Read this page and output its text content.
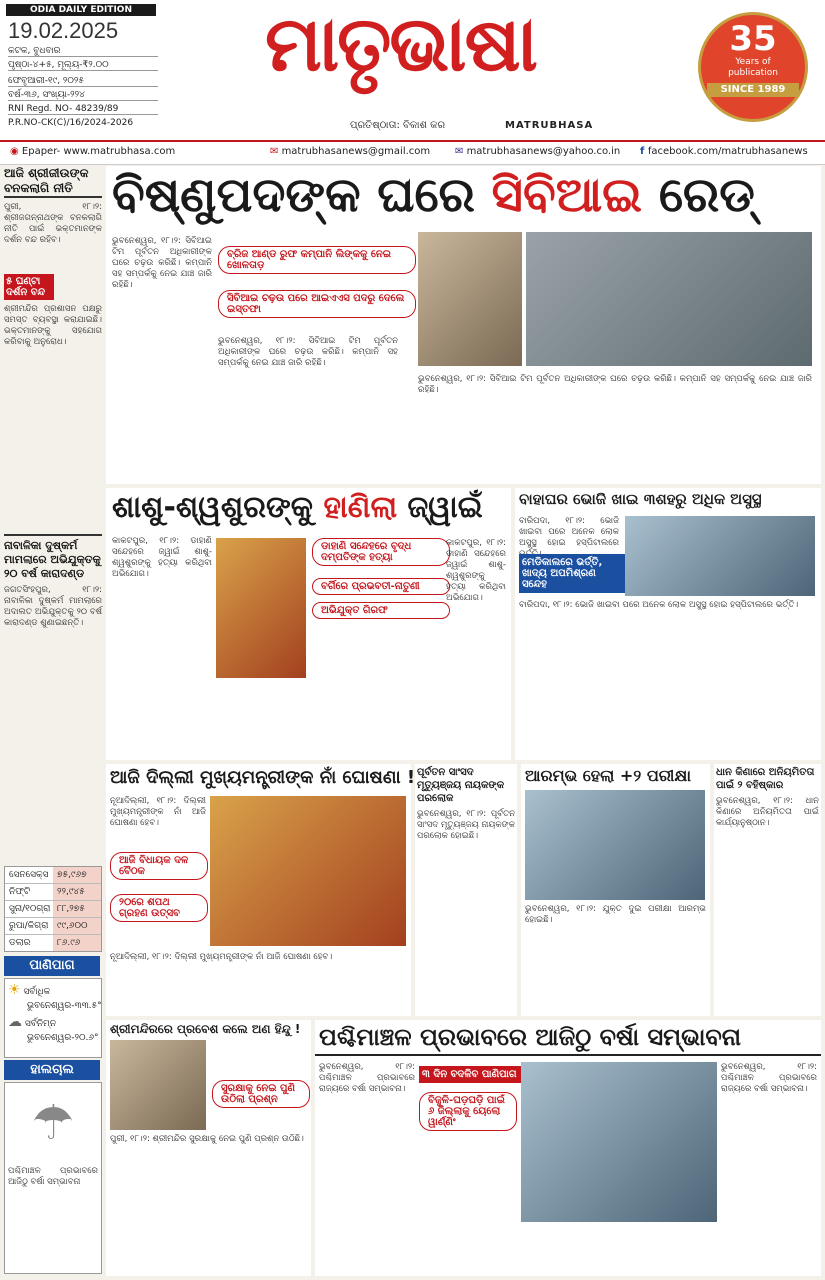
ODIA DAILY EDITION
19.02.2025
କଟକ, ବୁଧବାର
ପୃଷ୍ଠା-୪+୫, ମୂଲ୍ୟ-₹୨.୦୦
ଫେବୃଆରୀ-୧୯, ୨୦୨୫
ବର୍ଷ-୩୬, ସଂଖ୍ୟା-୨୨୪
RNI Regd. NO- 48239/89
P.R.NO-CK(C)/16/2024-2026
ମାତୃଭାଷା
ପ୍ରତିଷ୍ଠାତା: ବିକାଶ କର	MATRUBHASA
35
Years of publication
SINCE 1989
◉ Epaper- www.matrubhasa.com	✉ matrubhasanews@gmail.com ✉ matrubhasanews@yahoo.co.in f facebook.com/matrubhasanews
ଆଜି ଶ୍ରୀଜୀଉଙ୍କ ବନକଲାଗି ନୀତି
ପୁରୀ, ୧୮।୨: ଶ୍ରୀଜଗନ୍ନାଥଙ୍କ ବନକଲାଗି ନୀତି ପାଇଁ ଭକ୍ତମାନଙ୍କ ଦର୍ଶନ ବନ୍ଦ ରହିବ।
୫ ଘଣ୍ଟା ଦର୍ଶନ ବନ୍ଦ
ଶ୍ରୀମନ୍ଦିର ପ୍ରଶାସନ ପକ୍ଷରୁ ସମସ୍ତ ବ୍ୟବସ୍ଥା କରାଯାଇଛି। ଭକ୍ତମାନଙ୍କୁ ସହଯୋଗ କରିବାକୁ ଅନୁରୋଧ।
ନାବାଳିକା ଦୁଷ୍କର୍ମ ମାମଲାରେ ଅଭିଯୁକ୍ତକୁ ୨୦ ବର୍ଷ କାରାଦଣ୍ଡ
ଜଗତସିଂହପୁର, ୧୮।୨: ନାବାଳିକା ଦୁଷ୍କର୍ମ ମାମଲାରେ ଅଦାଲତ ଅଭିଯୁକ୍ତକୁ ୨୦ ବର୍ଷ କାରାଦଣ୍ଡ ଶୁଣାଇଛନ୍ତି।
ସେନସେକ୍ସ ୭୫,୯୬୭
ନିଫ୍ଟି	୨୨,୯୪୫
ସୁନା/୧୦ଗ୍ରା ୮୮,୨୭୫
ରୁପା/କିଗ୍ରା ୯୯,୬୦୦
ଡଲାର	୮୬.୯୬
ପାଣିପାଗ
☀ ସର୍ବାଧିକ
ଭୁବନେଶ୍ୱର-୩୩.୫°
☁ ସର୍ବନିମ୍ନ
ଭୁବନେଶ୍ୱର-୨୦.୬°
ହାଲଚାଲ
☂
ପଶ୍ଚିମାଞ୍ଚଳ ପ୍ରଭାବରେ ଆଜିଠୁ ବର୍ଷା ସମ୍ଭାବନା
ବିଷ୍ଣୁପଦଙ୍କ ଘରେ ସିବିଆଇ ରେଡ୍
ଭୁବନେଶ୍ୱର, ୧୮।୨: ସିବିଆଇ ଟିମ ପୂର୍ବତନ ଅଧିକାରୀଙ୍କ ଘରେ ଚଢ଼ଉ କରିଛି। କମ୍ପାନି ସହ ସମ୍ପର୍କକୁ ନେଇ ଯାଞ୍ଚ ଜାରି ରହିଛି।
ବ୍ରିଜ ଆଣ୍ଡ ରୁଫ କମ୍ପାନି ଲିଙ୍କକୁ ନେଇ ଖୋଳତାଡ଼
ସିବିଆଇ ଚଢ଼ଉ ପରେ ଆଇଏଏସ ପଦରୁ ଦେଲେ ଇସ୍ତଫା
ଭୁବନେଶ୍ୱର, ୧୮।୨: ସିବିଆଇ ଟିମ ପୂର୍ବତନ ଅଧିକାରୀଙ୍କ ଘରେ ଚଢ଼ଉ କରିଛି। କମ୍ପାନି ସହ ସମ୍ପର୍କକୁ ନେଇ ଯାଞ୍ଚ ଜାରି ରହିଛି।
ଭୁବନେଶ୍ୱର, ୧୮।୨: ସିବିଆଇ ଟିମ ପୂର୍ବତନ ଅଧିକାରୀଙ୍କ ଘରେ ଚଢ଼ଉ କରିଛି। କମ୍ପାନି ସହ ସମ୍ପର୍କକୁ ନେଇ ଯାଞ୍ଚ ଜାରି ରହିଛି।
ଶାଶୁ-ଶ୍ୱଶୁରଙ୍କୁ ହାଣିଲା ଜ୍ୱାଇଁ
କାକଟପୁର, ୧୮।୨: ଡାହାଣି ସନ୍ଦେହରେ ଜ୍ୱାଇଁ ଶାଶୁ-ଶ୍ୱଶୁରଙ୍କୁ ହତ୍ୟା କରିଥିବା ଅଭିଯୋଗ।
ଡାହାଣି ସନ୍ଦେହରେ ବୃଦ୍ଧ ଦମ୍ପତିଙ୍କ ହତ୍ୟା
ବର୍ଗିରେ ପ୍ରଭବତୀ-ନାତୁଣୀ
ଅଭିଯୁକ୍ତ ଗିରଫ
କାକଟପୁର, ୧୮।୨: ଡାହାଣି ସନ୍ଦେହରେ ଜ୍ୱାଇଁ ଶାଶୁ-ଶ୍ୱଶୁରଙ୍କୁ ହତ୍ୟା କରିଥିବା ଅଭିଯୋଗ।
ବାହାଘର ଭୋଜି ଖାଇ ୩ଶହରୁ ଅଧିକ ଅସୁସ୍ଥ
ବାରିପଦା, ୧୮।୨: ଭୋଜି ଖାଇବା ପରେ ଅନେକ ଲୋକ ଅସୁସ୍ଥ ହୋଇ ହସ୍ପିଟାଲରେ
ମେଡିକାଲରେ ଭର୍ତ୍ତି, ଖାଦ୍ୟ ଅପମିଶ୍ରଣ ସନ୍ଦେହ
ବାରିପଦା, ୧୮।୨: ଭୋଜି ଖାଇବା ପରେ ଅନେକ ଲୋକ ଅସୁସ୍ଥ ହୋଇ ହସ୍ପିଟାଲରେ ଭର୍ତ୍ତି।
ଆଜି ଦିଲ୍ଲୀ ମୁଖ୍ୟମନ୍ତ୍ରୀଙ୍କ ନାଁ ଘୋଷଣା !
ନୂଆଦିଲ୍ଲୀ, ୧୮।୨: ଦିଲ୍ଲୀ ମୁଖ୍ୟମନ୍ତ୍ରୀଙ୍କ ନାଁ ଆଜି ଘୋଷଣା ହେବ।
ଆଜି ବିଧାୟକ ଦଳ ବୈଠକ
୨୦ରେ ଶପଥ ଗ୍ରହଣ ଉତ୍ସବ
ନୂଆଦିଲ୍ଲୀ, ୧୮।୨: ଦିଲ୍ଲୀ ମୁଖ୍ୟମନ୍ତ୍ରୀଙ୍କ ନାଁ ଆଜି ଘୋଷଣା ହେବ।
ପୂର୍ବତନ ସାଂସଦ ମୃତ୍ୟୁଞ୍ଜୟ ନାୟକଙ୍କ ପରଲୋକ
ଭୁବନେଶ୍ୱର, ୧୮।୨: ପୂର୍ବତନ ସାଂସଦ ମୃତ୍ୟୁଞ୍ଜୟ ନାୟକଙ୍କ ପରଲୋକ ହୋଇଛି।
ଆରମ୍ଭ ହେଲା +୨ ପରୀକ୍ଷା
ଭୁବନେଶ୍ୱର, ୧୮।୨: ଯୁକ୍ତ ଦୁଇ ପରୀକ୍ଷା ଆରମ୍ଭ ହୋଇଛି।
ଧାନ କିଣାରେ ଅନିୟମିତତା ପାଇଁ ୨ ବହିଷ୍କାର
ଭୁବନେଶ୍ୱର, ୧୮।୨: ଧାନ କିଣାରେ ଅନିୟମିତତା ପାଇଁ କାର୍ଯ୍ୟାନୁଷ୍ଠାନ।
ଶ୍ରୀମନ୍ଦିରରେ ପ୍ରବେଶ କଲେ ଅଣ ହିନ୍ଦୁ !
ସୁରକ୍ଷାକୁ ନେଇ ପୁଣି ଉଠିଲା ପ୍ରଶ୍ନ
ପୁରୀ, ୧୮।୨: ଶ୍ରୀମନ୍ଦିର ସୁରକ୍ଷାକୁ ନେଇ ପୁଣି ପ୍ରଶ୍ନ ଉଠିଛି।
ପଶ୍ଚିମାଞ୍ଚଳ ପ୍ରଭାବରେ ଆଜିଠୁ ବର୍ଷା ସମ୍ଭାବନା
ଭୁବନେଶ୍ୱର, ୧୮।୨: ପଶ୍ଚିମାଞ୍ଚଳ ପ୍ରଭାବରେ ରାଜ୍ୟରେ ବର୍ଷା ସମ୍ଭାବନା।
୩ ଦିନ ବଦଳିବ ପାଣିପାଗ
ବିଜୁଳି-ଘଡ଼ଘଡ଼ି ପାଇଁ ୬ ଜିଲ୍ଲାକୁ ୟେଲୋ ୱାର୍ଣ୍ଣିଂ
ଭୁବନେଶ୍ୱର, ୧୮।୨: ପଶ୍ଚିମାଞ୍ଚଳ ପ୍ରଭାବରେ ରାଜ୍ୟରେ ବର୍ଷା ସମ୍ଭାବନା।
